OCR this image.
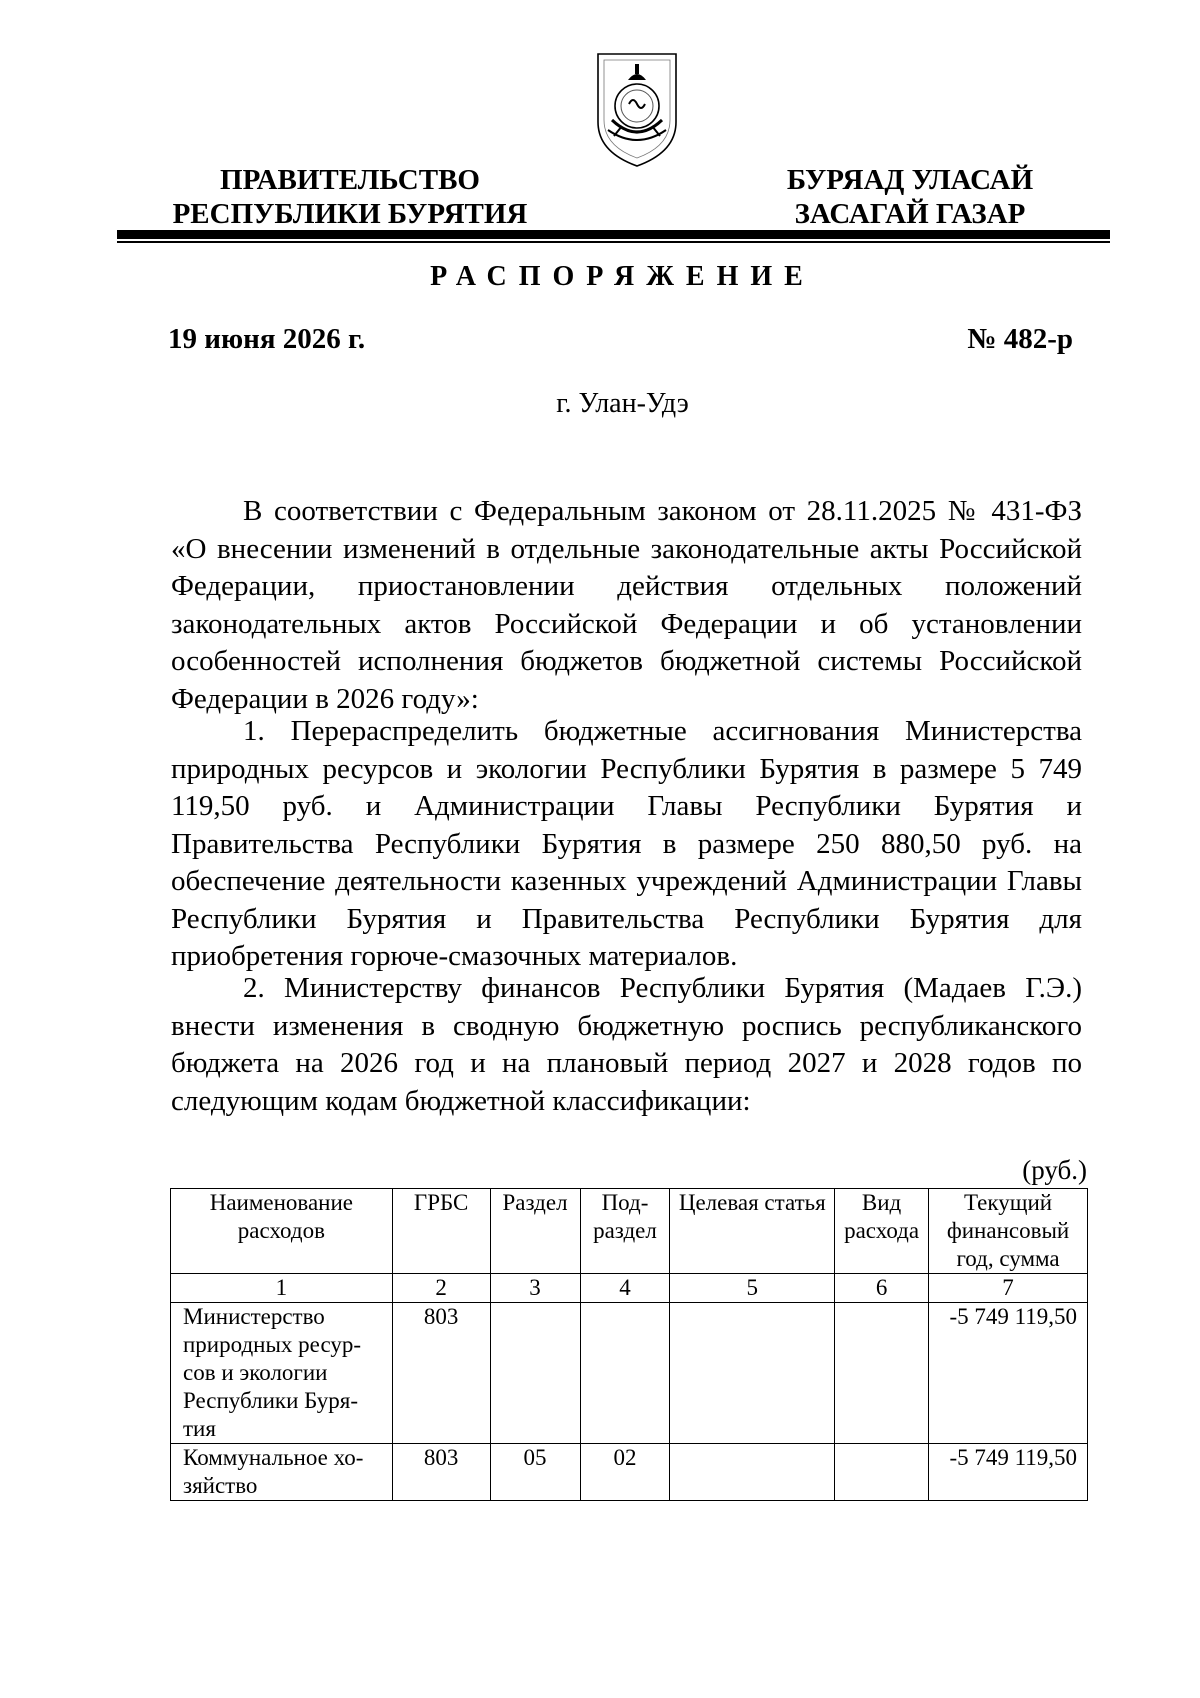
ПРАВИТЕЛЬСТВО
РЕСПУБЛИКИ БУРЯТИЯ
БУРЯАД УЛАСАЙ
ЗАСАГАЙ ГАЗАР
РАСПОРЯЖЕНИЕ
19 июня 2026 г.	№ 482-р
г. Улан-Удэ
В соответствии с Федеральным законом от 28.11.2025 № 431-ФЗ «О внесении изменений в отдельные законодательные акты Российской Федерации, приостановлении действия отдельных положений законодательных актов Российской Федерации и об установлении особенностей исполнения бюджетов бюджетной системы Российской Федерации в 2026 году»:
1. Перераспределить бюджетные ассигнования Министерства природных ресурсов и экологии Республики Бурятия в размере 5 749 119,50 руб. и Администрации Главы Республики Бурятия и Правительства Республики Бурятия в размере 250 880,50 руб. на обеспечение деятельности казенных учреждений Администрации Главы Республики Бурятия и Правительства Республики Бурятия для приобретения горюче-смазочных материалов.
2. Министерству финансов Республики Бурятия (Мадаев Г.Э.) внести изменения в сводную бюджетную роспись республиканского бюджета на 2026 год и на плановый период 2027 и 2028 годов по следующим кодам бюджетной классификации:
(руб.)
Наименование расходов	ГРБС	Раздел	Под-раздел	Целевая статья	Вид расхода	Текущий финансовый год, сумма
1	2	3	4	5	6	7
Министерство природных ресур-сов и экологии Республики Буря-тия	803					-5 749 119,50
Коммунальное хо-зяйство	803	05	02			-5 749 119,50
